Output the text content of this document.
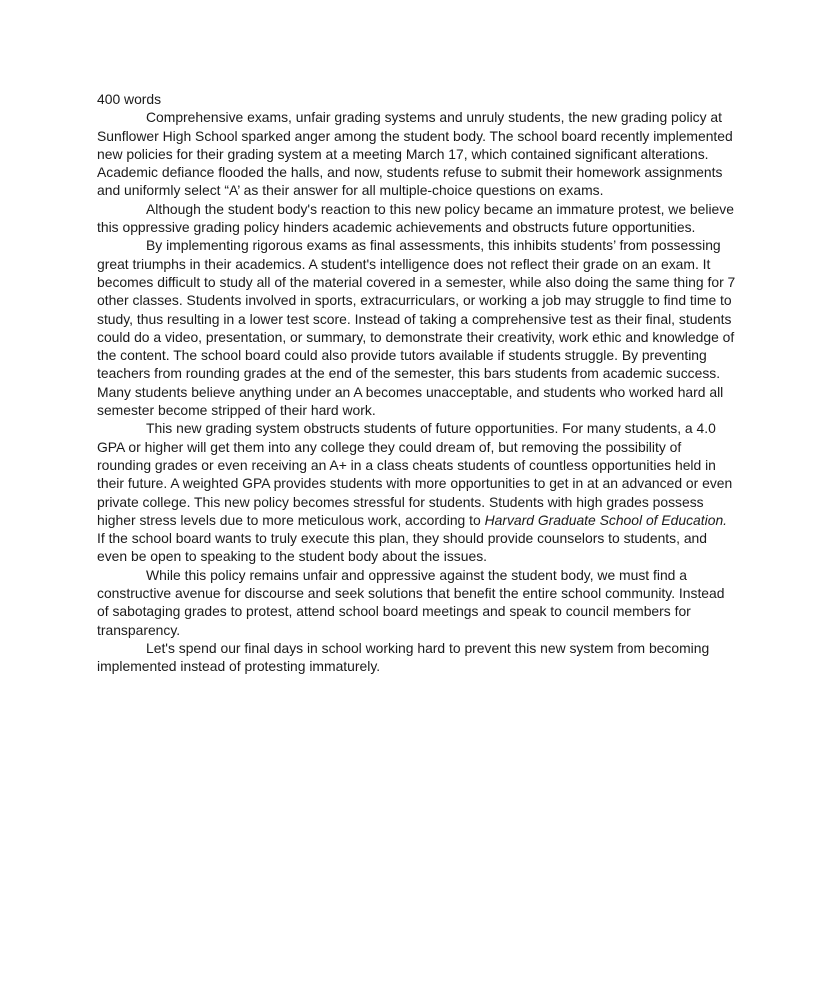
400 words

Comprehensive exams, unfair grading systems and unruly students, the new grading policy at Sunflower High School sparked anger among the student body. The school board recently implemented new policies for their grading system at a meeting March 17, which contained significant alterations. Academic defiance flooded the halls, and now, students refuse to submit their homework assignments and uniformly select “A’ as their answer for all multiple-choice questions on exams.

Although the student body's reaction to this new policy became an immature protest, we believe this oppressive grading policy hinders academic achievements and obstructs future opportunities.

By implementing rigorous exams as final assessments, this inhibits students’ from possessing great triumphs in their academics. A student's intelligence does not reflect their grade on an exam. It becomes difficult to study all of the material covered in a semester, while also doing the same thing for 7 other classes. Students involved in sports, extracurriculars, or working a job may struggle to find time to study, thus resulting in a lower test score. Instead of taking a comprehensive test as their final, students could do a video, presentation, or summary, to demonstrate their creativity, work ethic and knowledge of the content. The school board could also provide tutors available if students struggle. By preventing teachers from rounding grades at the end of the semester, this bars students from academic success. Many students believe anything under an A becomes unacceptable, and students who worked hard all semester become stripped of their hard work.

This new grading system obstructs students of future opportunities. For many students, a 4.0 GPA or higher will get them into any college they could dream of, but removing the possibility of rounding grades or even receiving an A+ in a class cheats students of countless opportunities held in their future. A weighted GPA provides students with more opportunities to get in at an advanced or even private college. This new policy becomes stressful for students. Students with high grades possess higher stress levels due to more meticulous work, according to Harvard Graduate School of Education. If the school board wants to truly execute this plan, they should provide counselors to students, and even be open to speaking to the student body about the issues.

While this policy remains unfair and oppressive against the student body, we must find a constructive avenue for discourse and seek solutions that benefit the entire school community. Instead of sabotaging grades to protest, attend school board meetings and speak to council members for transparency.

Let's spend our final days in school working hard to prevent this new system from becoming implemented instead of protesting immaturely.
